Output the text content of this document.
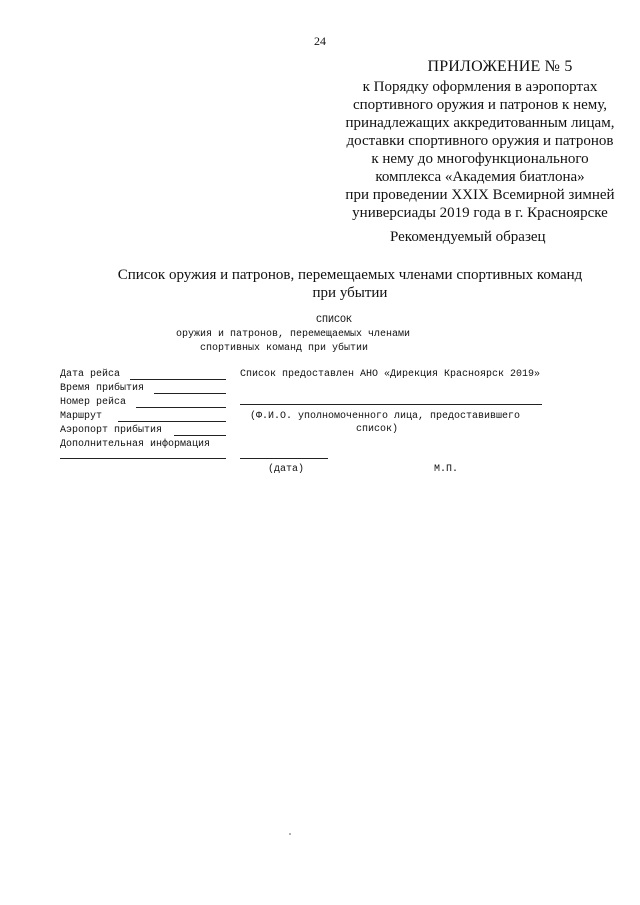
24
ПРИЛОЖЕНИЕ № 5
к Порядку оформления в аэропортах
спортивного оружия и патронов к нему,
принадлежащих аккредитованным лицам,
доставки спортивного оружия и патронов
к нему до многофункционального
комплекса «Академия биатлона»
при проведении XXIX Всемирной зимней
универсиады 2019 года в г. Красноярске
Рекомендуемый образец
Список оружия и патронов, перемещаемых членами спортивных команд
при убытии
СПИСОК
оружия и патронов, перемещаемых членами
спортивных команд при убытии
Дата рейса
Время прибытия
Номер рейса
Маршрут
Аэропорт прибытия
Дополнительная информация
Список предоставлен АНО «Дирекция Красноярск 2019»
(Ф.И.О. уполномоченного лица, предоставившего
список)
(дата)	М.П.
